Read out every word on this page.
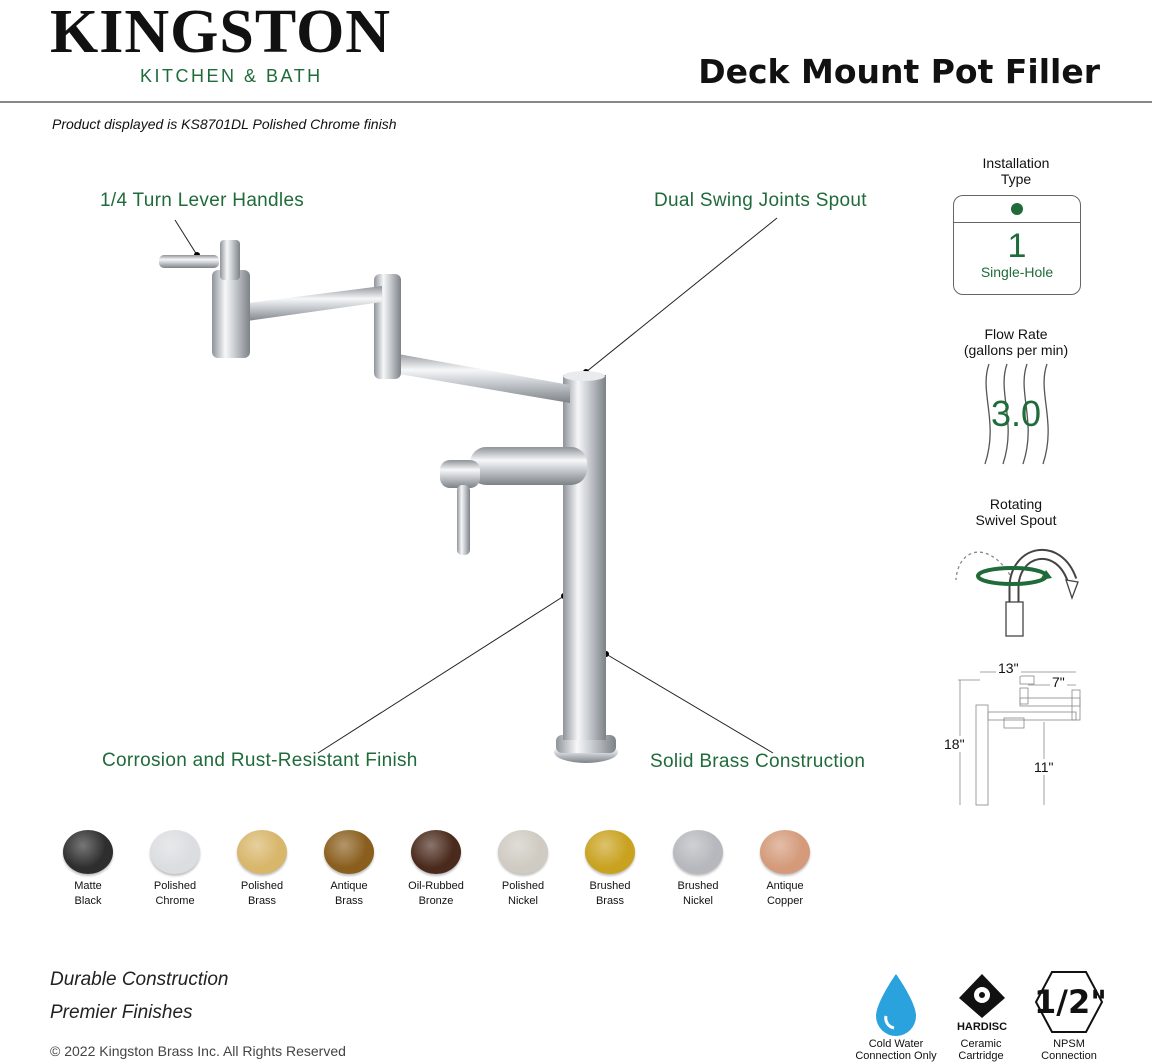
KINGSTON
KITCHEN & BATH	Deck Mount Pot Filler
Product displayed is KS8701DL Polished Chrome finish
1/4 Turn Lever Handles	Dual Swing Joints Spout
Corrosion and Rust-Resistant Finish	Solid Brass Construction
Installation
Type
1
Single-Hole
Flow Rate
(gallons per min)
3.0
Rotating
Swivel Spout
13"
7"
18"
11"
Matte
Black
Polished
Chrome
Polished
Brass
Antique
Brass
Oil-Rubbed
Bronze
Polished
Nickel
Brushed
Brass
Brushed
Nickel
Antique
Copper
Durable Construction
Premier Finishes
© 2022 Kingston Brass Inc. All Rights Reserved	Cold Water
Connection Only
HARDISC
Ceramic
Cartridge
1/2"
NPSM
Connection
